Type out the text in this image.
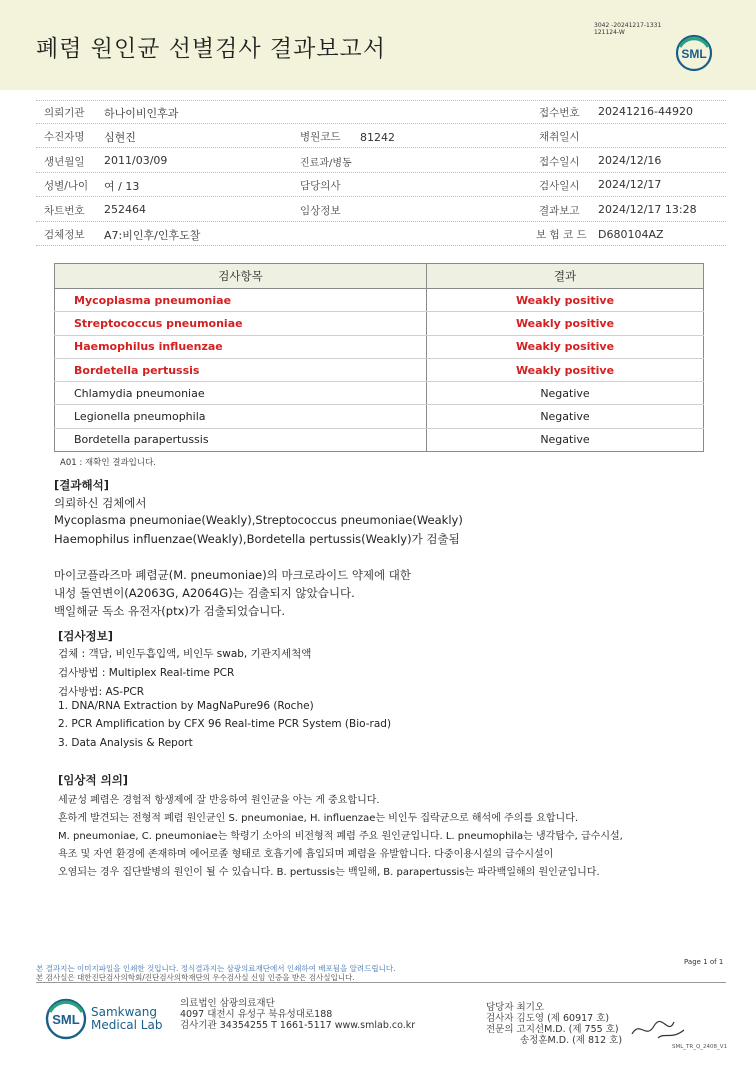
폐렴 원인균 선별검사 결과보고서
3042 -20241217-1331
121124-W
SML
의뢰기관 하나이비인후과	접수번호 20241216-44920
수진자명 심현진	병원코드 81242	채취일시
생년월일 2011/03/09	진료과/병동	접수일시 2024/12/16
성별/나이 여 / 13	담당의사	검사일시 2024/12/17
차트번호 252464	임상정보	결과보고 2024/12/17 13:28
검체정보 A7:비인후/인후도찰	보 험 코 드 D680104AZ
검사항목	결과
Mycoplasma pneumoniae	Weakly positive
Streptococcus pneumoniae	Weakly positive
Haemophilus influenzae	Weakly positive
Bordetella pertussis	Weakly positive
Chlamydia pneumoniae	Negative
Legionella pneumophila	Negative
Bordetella parapertussis	Negative
A01 : 재확인 결과입니다.
[결과해석]
의뢰하신 검체에서
Mycoplasma pneumoniae(Weakly),Streptococcus pneumoniae(Weakly)
Haemophilus influenzae(Weakly),Bordetella pertussis(Weakly)가 검출됨
마이코플라즈마 폐렴균(M. pneumoniae)의 마크로라이드 약제에 대한
내성 돌연변이(A2063G, A2064G)는 검출되지 않았습니다.
백일해균 독소 유전자(ptx)가 검출되었습니다.
[검사정보]
검체 : 객담, 비인두흡입액, 비인두 swab, 기관지세척액
검사방법 : Multiplex Real-time PCR
검사방법: AS-PCR
1. DNA/RNA Extraction by MagNaPure96 (Roche)
2. PCR Amplification by CFX 96 Real-time PCR System (Bio-rad)
3. Data Analysis & Report
[임상적 의의]
세균성 폐렴은 경험적 항생제에 잘 반응하여 원인균을 아는 게 중요합니다.
흔하게 발견되는 전형적 폐렴 원인균인 S. pneumoniae, H. influenzae는 비인두 집락균으로 해석에 주의를 요합니다.
M. pneumoniae, C. pneumoniae는 학령기 소아의 비전형적 폐렴 주요 원인균입니다. L. pneumophila는 냉각탑수, 급수시설,
욕조 및 자연 환경에 존재하며 에어로졸 형태로 호흡기에 흡입되며 폐렴을 유발합니다. 다중이용시설의 급수시설이
오염되는 경우 집단발병의 원인이 될 수 있습니다. B. pertussis는 백일해, B. parapertussis는 파라백일해의 원인균입니다.
본 결과지는 이미지파일을 인쇄한 것입니다. 정식결과지는 삼광의료재단에서 인쇄하여 배포됨을 알려드립니다.
본 검사실은 대한진단검사의학회/진단검사의학재단의 우수검사실 신임 인증을 받은 검사실입니다.
Page 1 of 1
SML Samkwang
Medical Lab
의료법인 삼광의료재단
4097 대전시 유성구 북유성대로188
검사기관 34354255 T 1661-5117 www.smlab.co.kr
담당자 최기오
검사자 김도영 (제 60917 호)
전문의 고지선M.D. (제 755 호)
송정훈M.D. (제 812 호)
SML_TR_Q_2408_V1
